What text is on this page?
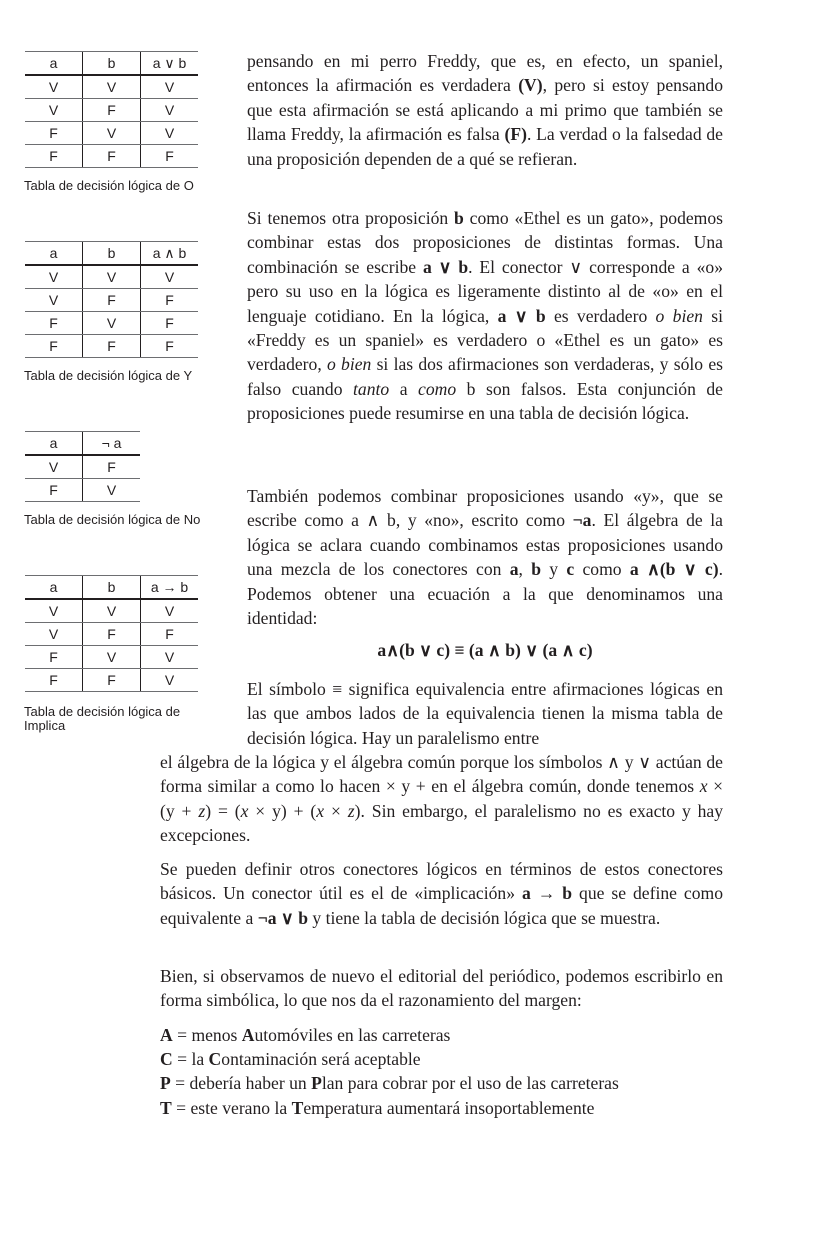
a	b	a ∨ b
V	V	V
V	F	V
F	V	V
F	F	F
Tabla de decisión lógica de O
a	b	a ∧ b
V	V	V
V	F	F
F	V	F
F	F	F
Tabla de decisión lógica de Y
a	¬ a
V	F
F	V
Tabla de decisión lógica de No
a	b	a → b
V	V	V
V	F	F
F	V	V
F	F	V
Tabla de decisión lógica de
Implica

pensando en mi perro Freddy, que es, en efecto, un spaniel, entonces la afirmación es verdadera (V), pero si estoy pensando que esta afirmación se está aplicando a mi primo que también se llama Freddy, la afirmación es falsa (F). La verdad o la falsedad de una proposición dependen de a qué se refieran.

Si tenemos otra proposición b como «Ethel es un gato», podemos combinar estas dos proposiciones de distintas formas. Una combinación se escribe a ∨ b. El conector ∨ corresponde a «o» pero su uso en la lógica es ligeramente distinto al de «o» en el lenguaje cotidiano. En la lógica, a ∨ b es verdadero o bien si «Freddy es un spaniel» es verdadero o «Ethel es un gato» es verdadero, o bien si las dos afirmaciones son verdaderas, y sólo es falso cuando tanto a como b son falsos. Esta conjunción de proposiciones puede resumirse en una tabla de decisión lógica.

También podemos combinar proposiciones usando «y», que se escribe como a ∧ b, y «no», escrito como ¬a. El álgebra de la lógica se aclara cuando combinamos estas proposiciones usando una mezcla de los conectores con a, b y c como a ∧(b ∨ c). Podemos obtener una ecuación a la que denominamos una identidad:

a∧(b ∨ c) ≡ (a ∧ b) ∨ (a ∧ c)

El símbolo ≡ significa equivalencia entre afirmaciones lógicas en las que ambos lados de la equivalencia tienen la misma tabla de decisión lógica. Hay un paralelismo entre

el álgebra de la lógica y el álgebra común porque los símbolos ∧ y ∨ actúan de forma similar a como lo hacen × y + en el álgebra común, donde tenemos x × (y + z) = (x × y) + (x × z). Sin embargo, el paralelismo no es exacto y hay excepciones.

Se pueden definir otros conectores lógicos en términos de estos conectores básicos. Un conector útil es el de «implicación» a → b que se define como equivalente a ¬a ∨ b y tiene la tabla de decisión lógica que se muestra.

Bien, si observamos de nuevo el editorial del periódico, podemos escribirlo en forma simbólica, lo que nos da el razonamiento del margen:

A = menos Automóviles en las carreteras
C = la Contaminación será aceptable
P = debería haber un Plan para cobrar por el uso de las carreteras
T = este verano la Temperatura aumentará insoportablemente
